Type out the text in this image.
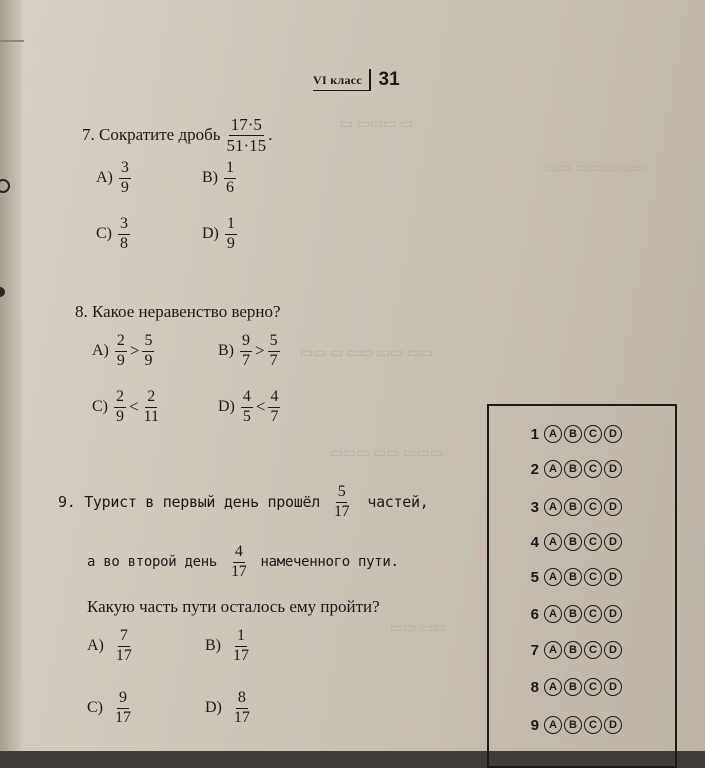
▭ ▭▭▭ ▭
▭▭ ▭▭▭ ▭▭
▭▭ ▭ ▭▭ ▭▭ ▭▭
▭▭▭ ▭▭ ▭▭▭
▭▭ ▭▭
VI класс 31
7. Сократите дробь $\frac{17\cdot 5}{51\cdot 15}$ .
$A) \frac{3}{9}$	$B) \frac{1}{6}$
$C) \frac{3}{8}$	$D) \frac{1}{9}$
8. Какое неравенство верно?
$A) \frac{2}{9} > \frac{5}{9}$	$B) \frac{9}{7} > \frac{5}{7}$
$C) \frac{2}{9} < \frac{2}{11}$	$D) \frac{4}{5} < \frac{4}{7}$
9. Турист в первый день прошёл $\frac{5}{17}$ частей,
а во второй день $\frac{4}{17}$ намеченного пути.
Какую часть пути осталось ему пройти?
$A) \frac{7}{17}$	$B) \frac{1}{17}$
$C) \frac{9}{17}$	$D) \frac{8}{17}$
1 A	B	C	D
2 A	B	C	D
3 A	B	C	D
4 A	B	C	D
5 A	B	C	D
6 A	B	C	D
7 A	B	C	D
8 A	B	C	D
9 A	B	C	D
